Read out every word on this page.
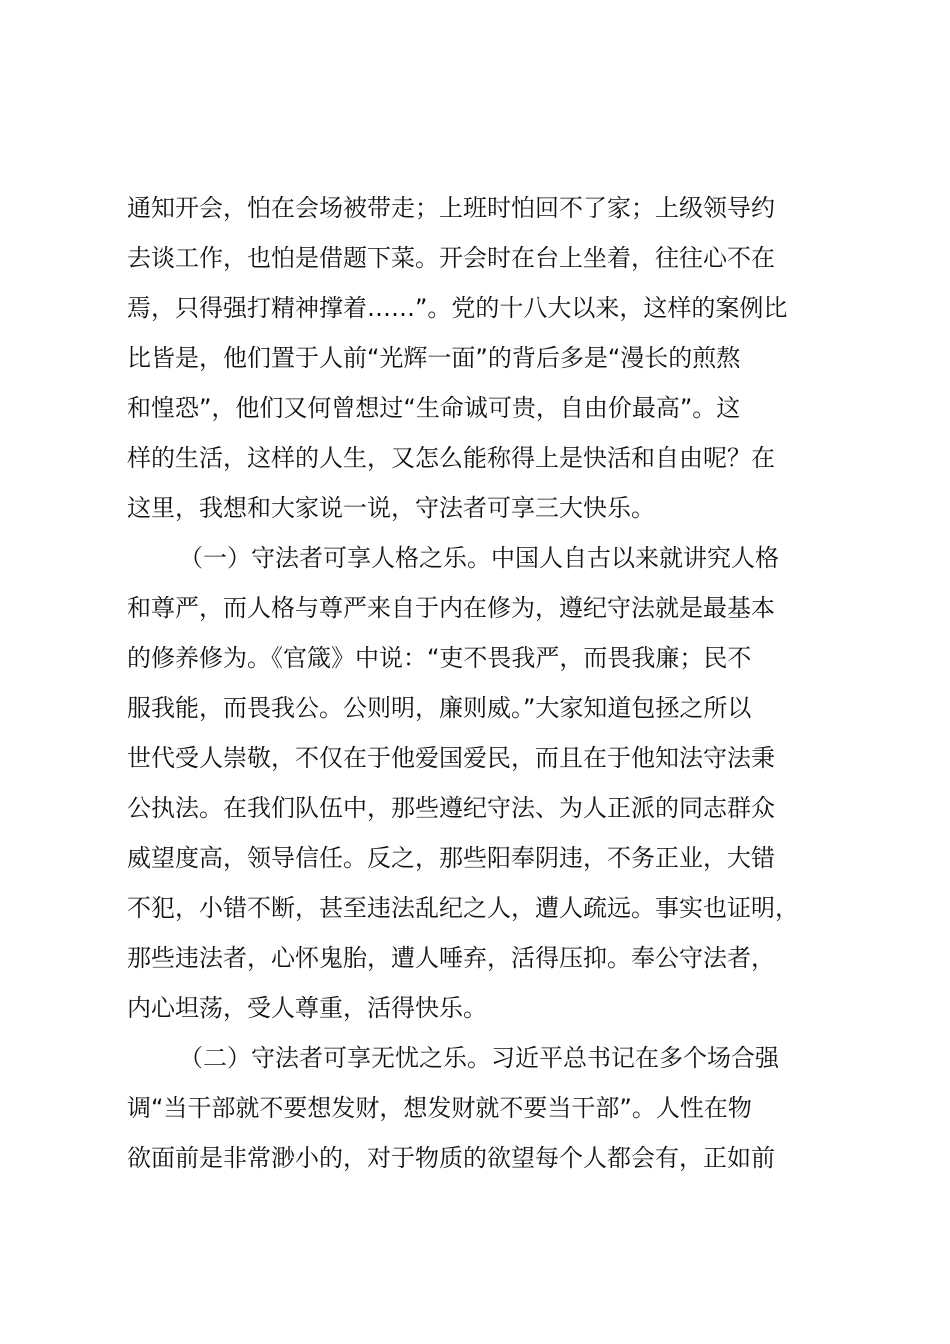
通知开会，怕在会场被带走；上班时怕回不了家；上级领导约
去谈工作，也怕是借题下菜。开会时在台上坐着，往往心不在
焉，只得强打精神撑着……”。党的十八大以来，这样的案例比
比皆是，他们置于人前“光辉一面”的背后多是“漫长的煎熬
和惶恐”，他们又何曾想过“生命诚可贵，自由价最高”。这
样的生活，这样的人生，又怎么能称得上是快活和自由呢？在
这里，我想和大家说一说，守法者可享三大快乐。
（一）守法者可享人格之乐。中国人自古以来就讲究人格
和尊严，而人格与尊严来自于内在修为，遵纪守法就是最基本
的修养修为。《官箴》中说：“吏不畏我严，而畏我廉；民不
服我能，而畏我公。公则明，廉则威。”大家知道包拯之所以
世代受人崇敬，不仅在于他爱国爱民，而且在于他知法守法秉
公执法。在我们队伍中，那些遵纪守法、为人正派的同志群众
威望度高，领导信任。反之，那些阳奉阴违，不务正业，大错
不犯，小错不断，甚至违法乱纪之人，遭人疏远。事实也证明，
那些违法者，心怀鬼胎，遭人唾弃，活得压抑。奉公守法者，
内心坦荡，受人尊重，活得快乐。
（二）守法者可享无忧之乐。习近平总书记在多个场合强
调“当干部就不要想发财，想发财就不要当干部”。人性在物
欲面前是非常渺小的，对于物质的欲望每个人都会有，正如前
